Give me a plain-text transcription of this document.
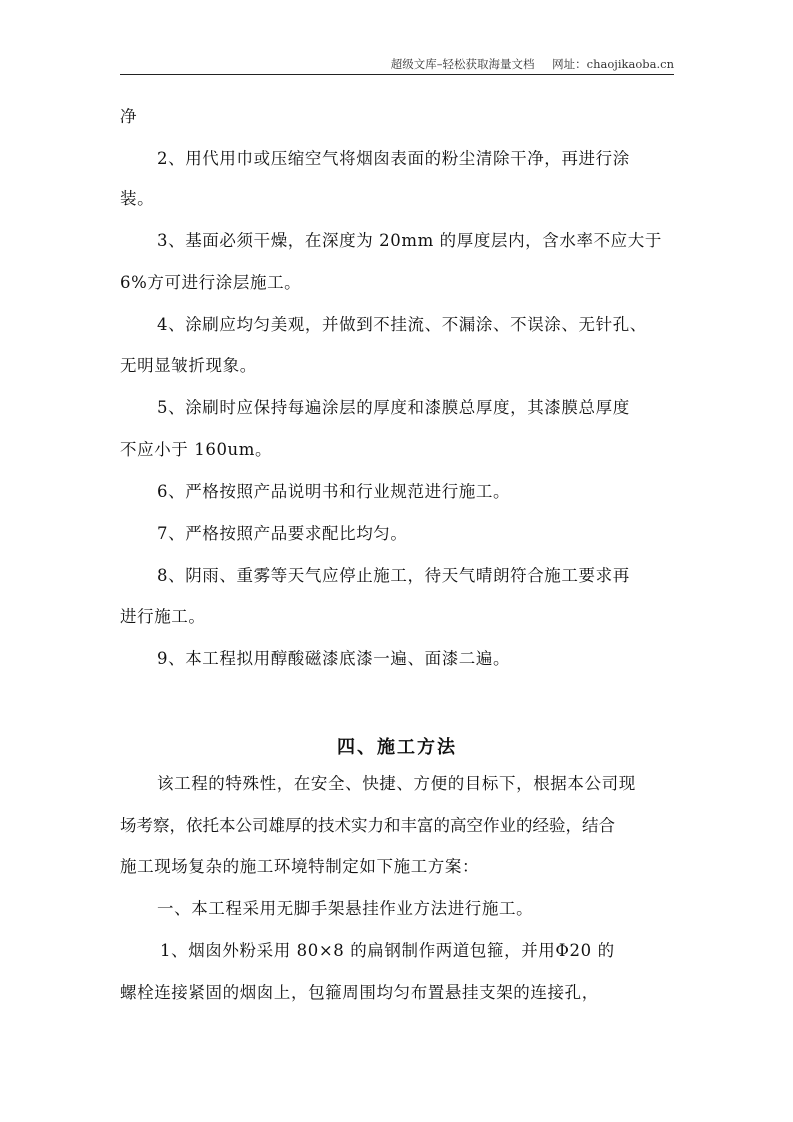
超级文库–轻松获取海量文档 网址：chaojikaoba.cn
净
2、用代用巾或压缩空气将烟囱表面的粉尘清除干净，再进行涂
装。
3、基面必须干燥，在深度为 20mm 的厚度层内，含水率不应大于
6%方可进行涂层施工。
4、涂刷应均匀美观，并做到不挂流、不漏涂、不误涂、无针孔、
无明显皱折现象。
5、涂刷时应保持每遍涂层的厚度和漆膜总厚度，其漆膜总厚度
不应小于 160um。
6、严格按照产品说明书和行业规范进行施工。
7、严格按照产品要求配比均匀。
8、阴雨、重雾等天气应停止施工，待天气晴朗符合施工要求再
进行施工。
9、本工程拟用醇酸磁漆底漆一遍、面漆二遍。
四、施工方法
该工程的特殊性，在安全、快捷、方便的目标下，根据本公司现
场考察，依托本公司雄厚的技术实力和丰富的高空作业的经验，结合
施工现场复杂的施工环境特制定如下施工方案：
一、本工程采用无脚手架悬挂作业方法进行施工。
1、烟囱外粉采用 80×8 的扁钢制作两道包箍，并用Φ20 的
螺栓连接紧固的烟囱上，包箍周围均匀布置悬挂支架的连接孔，
